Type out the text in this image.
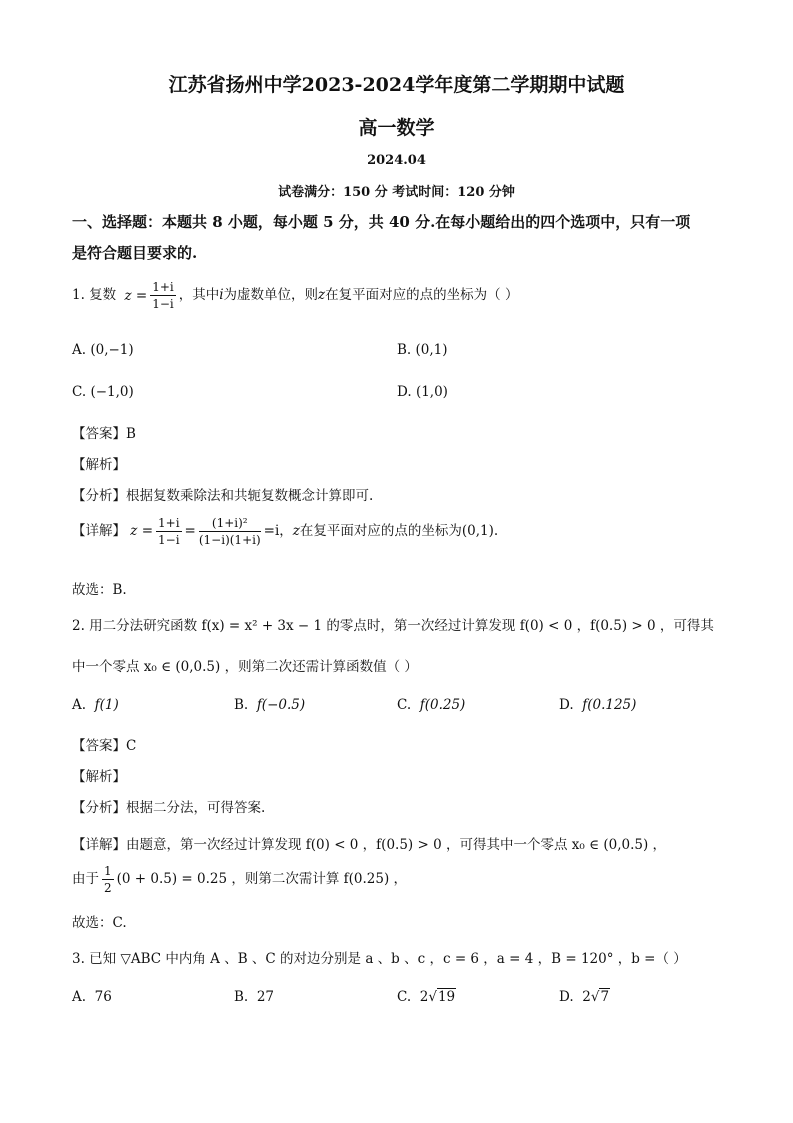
江苏省扬州中学2023-2024学年度第二学期期中试题
高一数学
2024.04
试卷满分：150 分 考试时间：120 分钟
一、选择题：本题共 8 小题，每小题 5 分，共 40 分.在每小题给出的四个选项中，只有一项
是符合题目要求的.
1. 复数 $z = \frac{1+i}{1-i}$ ，其中i为虚数单位，则z在复平面对应的点的坐标为（ ）
A. (0,−1)	B. (0,1)
C. (−1,0)	D. (1,0)
【答案】B
【解析】
【分析】根据复数乘除法和共轭复数概念计算即可.
【详解】 $z = \frac{1+i}{1-i} = \frac{\text{(1+i)²}}{(1-i)(1+i)} =i$，z在复平面对应的点的坐标为(0,1).
故选：B.
2. 用二分法研究函数 f(x) = x² + 3x − 1 的零点时，第一次经过计算发现 f(0) < 0 ，f(0.5) > 0 ，可得其
中一个零点 x₀ ∈ (0,0.5) ，则第二次还需计算函数值（ ）
A. f(1)	B. f(−0.5)	C. f(0.25)	D. f(0.125)
【答案】C
【解析】
【分析】根据二分法，可得答案.
【详解】由题意，第一次经过计算发现 f(0) < 0 ，f(0.5) > 0 ，可得其中一个零点 x₀ ∈ (0,0.5) ，
由于 $\frac{1}{2} (0 + 0.5) = 0.25$ ，则第二次需计算 f(0.25) ，
故选：C.
3. 已知 ▽ABC 中内角 A 、B 、C 的对边分别是 a 、b 、c ，c = 6 ，a = 4 ，B = 120° ，b =（ ）
A. 76	B. 27	C. 2√19	D. 2√7
